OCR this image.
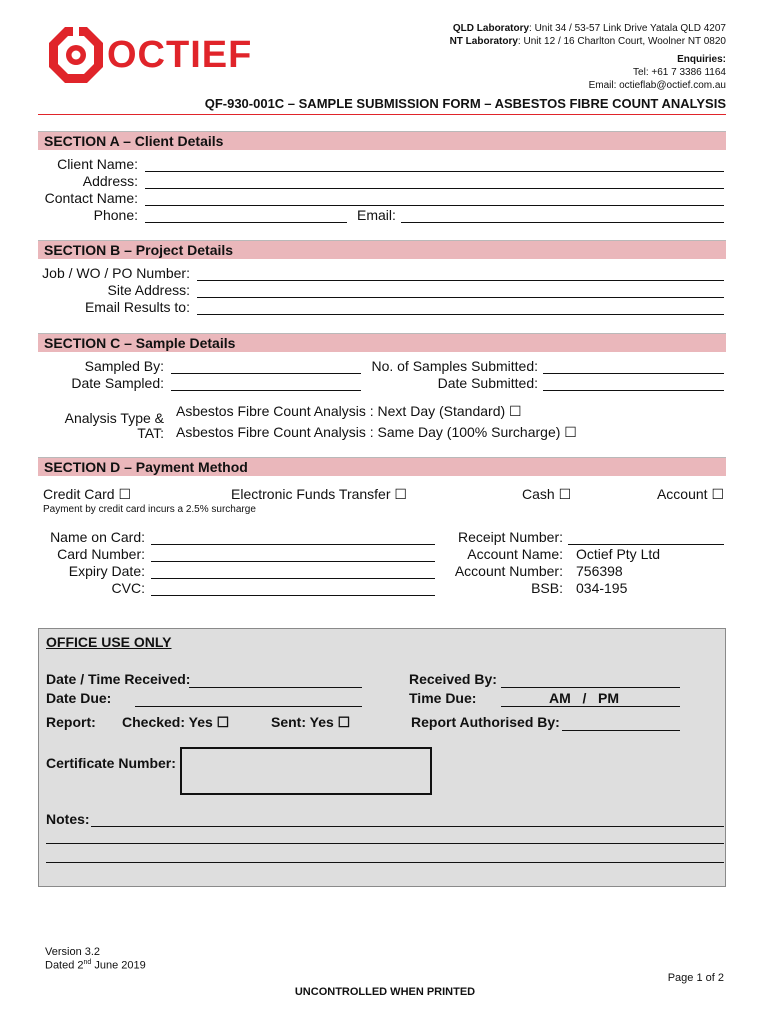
OCTIEF
QLD Laboratory: Unit 34 / 53-57 Link Drive Yatala QLD 4207
NT Laboratory: Unit 12 / 16 Charlton Court, Woolner NT 0820
Enquiries:
Tel: +61 7 3386 1164
Email: octieflab@octief.com.au
QF-930-001C – SAMPLE SUBMISSION FORM – ASBESTOS FIBRE COUNT ANALYSIS
SECTION A – Client Details
Client Name:
Address:
Contact Name:
Phone:	Email:
SECTION B – Project Details
Job / WO / PO Number:
Site Address:
Email Results to:
SECTION C – Sample Details
Sampled By:
Date Sampled:
No. of Samples Submitted:
Date Submitted:
Analysis Type &
TAT:
Asbestos Fibre Count Analysis : Next Day (Standard) ☐
Asbestos Fibre Count Analysis : Same Day (100% Surcharge) ☐
SECTION D – Payment Method
Credit Card ☐	Electronic Funds Transfer ☐	Cash ☐	Account ☐
Payment by credit card incurs a 2.5% surcharge
Name on Card:
Card Number:
Expiry Date:
CVC:
Receipt Number:
Account Name: Octief Pty Ltd
Account Number: 756398
BSB: 034-195
OFFICE USE ONLY
Date / Time Received:
Date Due:
Received By:
Time Due:	AM   /   PM
Report: Checked: Yes ☐	Sent: Yes ☐	Report Authorised By:
Certificate Number:
Notes:
Version 3.2
Dated 2nd June 2019
Page 1 of 2
UNCONTROLLED WHEN PRINTED
